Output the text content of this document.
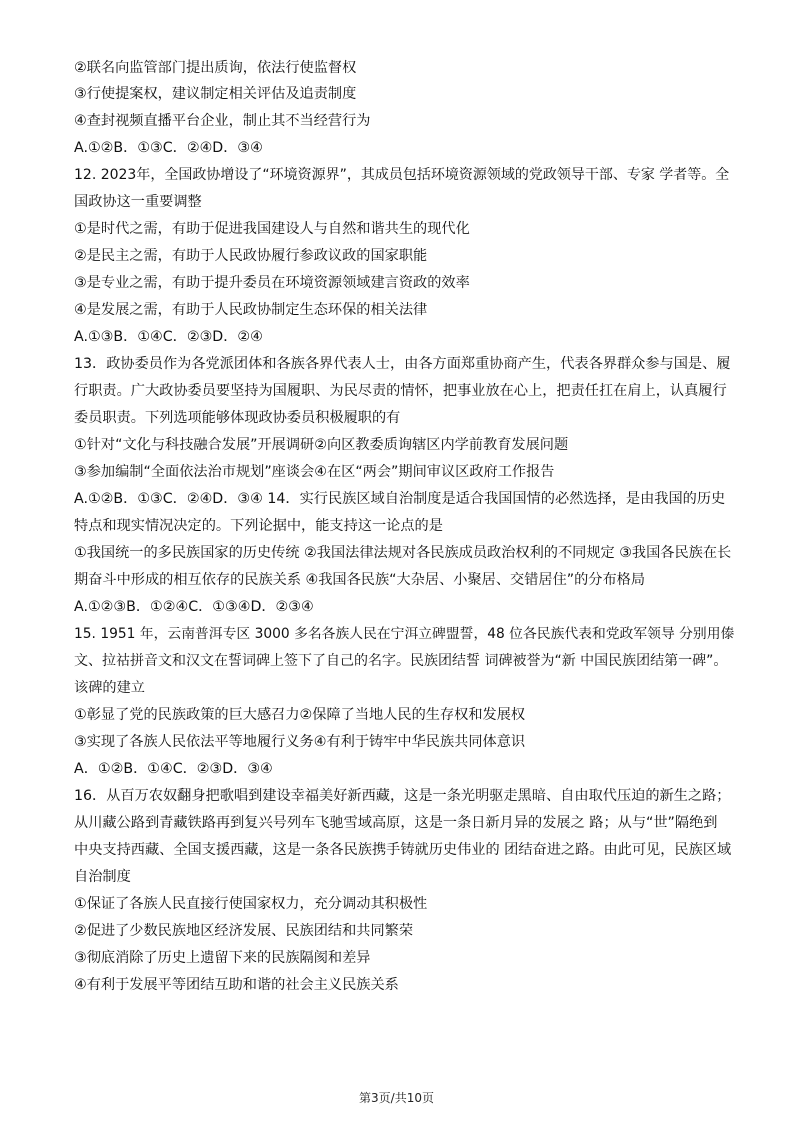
②联名向监管部门提出质询，依法行使监督权
③行使提案权，建议制定相关评估及追责制度
④查封视频直播平台企业，制止其不当经营行为
A.①②B．①③C．②④D．③④
12. 2023年，全国政协增设了“环境资源界”，其成员包括环境资源领域的党政领导干部、专家 学者等。全
国政协这一重要调整
①是时代之需，有助于促进我国建设人与自然和谐共生的现代化
②是民主之需，有助于人民政协履行参政议政的国家职能
③是专业之需，有助于提升委员在环境资源领域建言资政的效率
④是发展之需，有助于人民政协制定生态环保的相关法律
A.①③B．①④C．②③D．②④
13．政协委员作为各党派团体和各族各界代表人士，由各方面郑重协商产生，代表各界群众参与国是、履
行职责。广大政协委员要坚持为国履职、为民尽责的情怀，把事业放在心上，把责任扛在肩上，认真履行
委员职责。下列选项能够体现政协委员积极履职的有
①针对“文化与科技融合发展”开展调研②向区教委质询辖区内学前教育发展问题
③参加编制“全面依法治市规划”座谈会④在区“两会”期间审议区政府工作报告
A.①②B．①③C．②④D．③④ 14．实行民族区域自治制度是适合我国国情的必然选择，是由我国的历史
特点和现实情况决定的。下列论据中，能支持这一论点的是
①我国统一的多民族国家的历史传统 ②我国法律法规对各民族成员政治权利的不同规定 ③我国各民族在长
期奋斗中形成的相互依存的民族关系 ④我国各民族“大杂居、小聚居、交错居住”的分布格局
A.①②③B．①②④C．①③④D．②③④
15. 1951 年，云南普洱专区 3000 多名各族人民在宁洱立碑盟誓，48 位各民族代表和党政军领导 分别用傣
文、拉祜拼音文和汉文在誓词碑上签下了自己的名字。民族团结誓 词碑被誉为“新 中国民族团结第一碑”。
该碑的建立
①彰显了党的民族政策的巨大感召力②保障了当地人民的生存权和发展权
③实现了各族人民依法平等地履行义务④有利于铸牢中华民族共同体意识
A．①②B．①④C．②③D．③④
16．从百万农奴翻身把歌唱到建设幸福美好新西藏，这是一条光明驱走黑暗、自由取代压迫的新生之路；
从川藏公路到青藏铁路再到复兴号列车飞驰雪域高原，这是一条日新月异的发展之 路；从与“世”隔绝到
中央支持西藏、全国支援西藏，这是一条各民族携手铸就历史伟业的 团结奋进之路。由此可见，民族区域
自治制度
①保证了各族人民直接行使国家权力，充分调动其积极性
②促进了少数民族地区经济发展、民族团结和共同繁荣
③彻底消除了历史上遗留下来的民族隔阂和差异
④有利于发展平等团结互助和谐的社会主义民族关系
第3页/共10页
